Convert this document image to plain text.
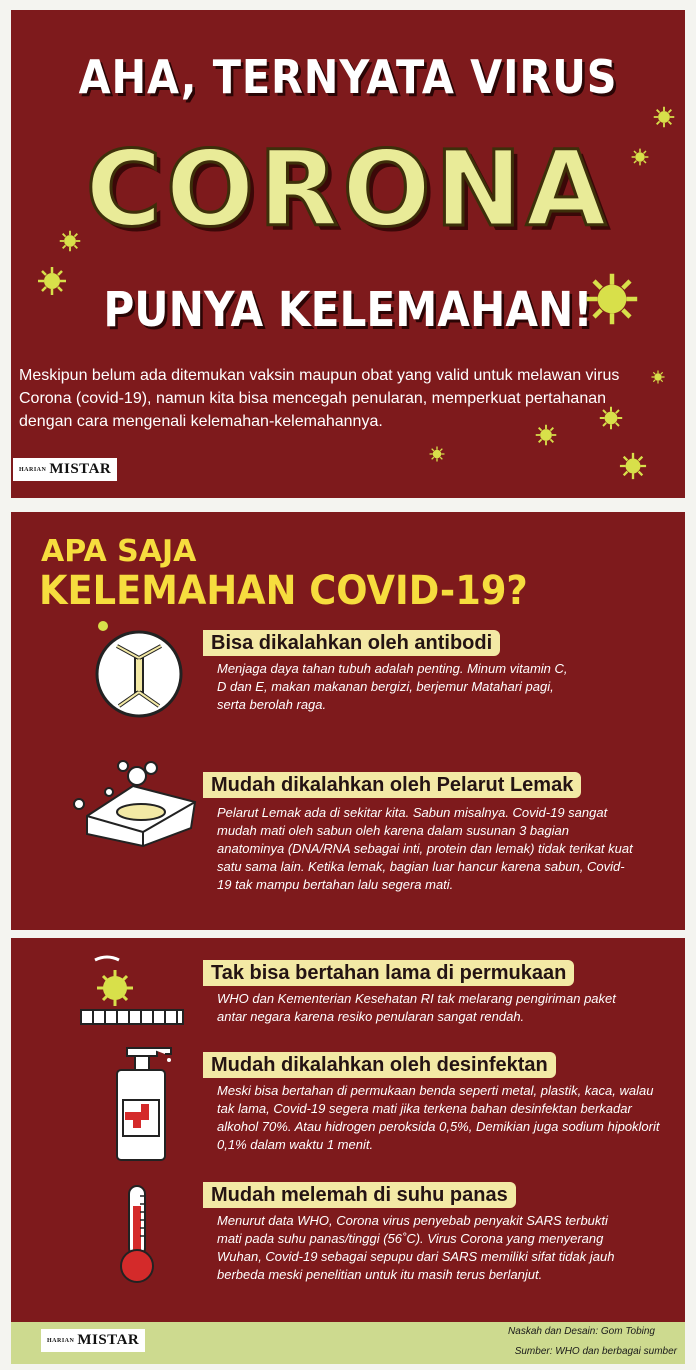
AHA, TERNYATA VIRUS
CORONA
PUNYA KELEMAHAN!
Meskipun belum ada ditemukan vaksin maupun obat yang valid untuk melawan virus Corona (covid-19), namun kita bisa mencegah penularan, memperkuat pertahanan dengan cara mengenali kelemahan-kelemahannya.
HARIAN MISTAR
APA SAJA
KELEMAHAN COVID-19?
Bisa dikalahkan oleh antibodi
Menjaga daya tahan tubuh adalah penting. Minum vitamin C, D dan E, makan makanan bergizi, berjemur Matahari pagi, serta berolah raga.
Mudah dikalahkan oleh Pelarut Lemak
Pelarut Lemak ada di sekitar kita. Sabun misalnya. Covid-19 sangat mudah mati oleh sabun oleh karena dalam susunan 3 bagian anatominya (DNA/RNA sebagai inti, protein dan lemak) tidak terikat kuat satu sama lain. Ketika lemak, bagian luar hancur karena sabun, Covid-19 tak mampu bertahan lalu segera mati.
Tak bisa bertahan lama di permukaan
WHO dan Kementerian Kesehatan RI tak melarang pengiriman paket antar negara karena resiko penularan sangat rendah.
Mudah dikalahkan oleh desinfektan
Meski bisa bertahan di permukaan benda seperti metal, plastik, kaca, walau tak lama, Covid-19 segera mati jika terkena bahan desinfektan berkadar alkohol 70%. Atau hidrogen peroksida 0,5%, Demikian juga sodium hipoklorit 0,1% dalam waktu 1 menit.
Mudah melemah di suhu panas
Menurut data WHO, Corona virus penyebab penyakit SARS terbukti mati pada suhu panas/tinggi (56˚C). Virus Corona yang menyerang Wuhan, Covid-19 sebagai sepupu dari SARS memiliki sifat tidak jauh berbeda meski penelitian untuk itu masih terus berlanjut.
HARIAN MISTAR
Naskah dan Desain: Gom Tobing
Sumber: WHO dan berbagai sumber
